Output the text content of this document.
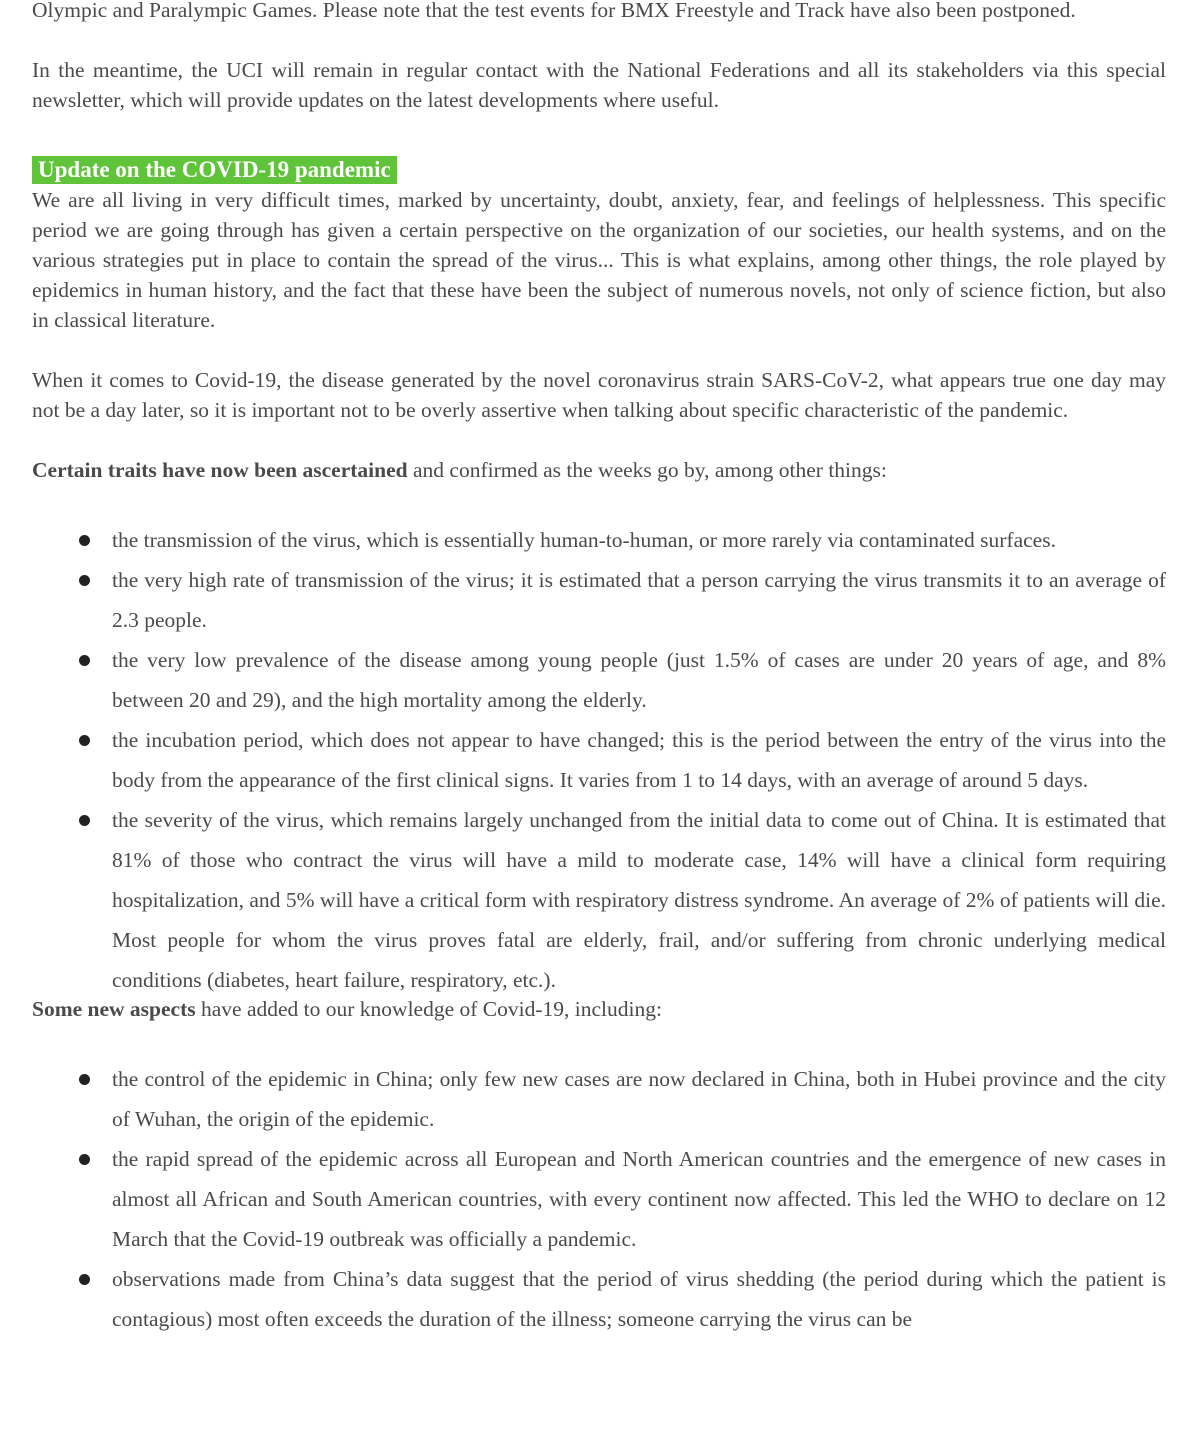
Olympic and Paralympic Games. Please note that the test events for BMX Freestyle and Track have also been postponed.

In the meantime, the UCI will remain in regular contact with the National Federations and all its stakeholders via this special newsletter, which will provide updates on the latest developments where useful.

Update on the COVID-19 pandemic

We are all living in very difficult times, marked by uncertainty, doubt, anxiety, fear, and feelings of helplessness. This specific period we are going through has given a certain perspective on the organization of our societies, our health systems, and on the various strategies put in place to contain the spread of the virus... This is what explains, among other things, the role played by epidemics in human history, and the fact that these have been the subject of numerous novels, not only of science fiction, but also in classical literature.

When it comes to Covid-19, the disease generated by the novel coronavirus strain SARS-CoV-2, what appears true one day may not be a day later, so it is important not to be overly assertive when talking about specific characteristic of the pandemic.

Certain traits have now been ascertained and confirmed as the weeks go by, among other things:

the transmission of the virus, which is essentially human-to-human, or more rarely via contaminated surfaces.
the very high rate of transmission of the virus; it is estimated that a person carrying the virus transmits it to an average of 2.3 people.
the very low prevalence of the disease among young people (just 1.5% of cases are under 20 years of age, and 8% between 20 and 29), and the high mortality among the elderly.
the incubation period, which does not appear to have changed; this is the period between the entry of the virus into the body from the appearance of the first clinical signs. It varies from 1 to 14 days, with an average of around 5 days.
the severity of the virus, which remains largely unchanged from the initial data to come out of China. It is estimated that 81% of those who contract the virus will have a mild to moderate case, 14% will have a clinical form requiring hospitalization, and 5% will have a critical form with respiratory distress syndrome. An average of 2% of patients will die. Most people for whom the virus proves fatal are elderly, frail, and/or suffering from chronic underlying medical conditions (diabetes, heart failure, respiratory, etc.).

Some new aspects have added to our knowledge of Covid-19, including:

the control of the epidemic in China; only few new cases are now declared in China, both in Hubei province and the city of Wuhan, the origin of the epidemic.
the rapid spread of the epidemic across all European and North American countries and the emergence of new cases in almost all African and South American countries, with every continent now affected. This led the WHO to declare on 12 March that the Covid-19 outbreak was officially a pandemic.
observations made from China’s data suggest that the period of virus shedding (the period during which the patient is contagious) most often exceeds the duration of the illness; someone carrying the virus can be
